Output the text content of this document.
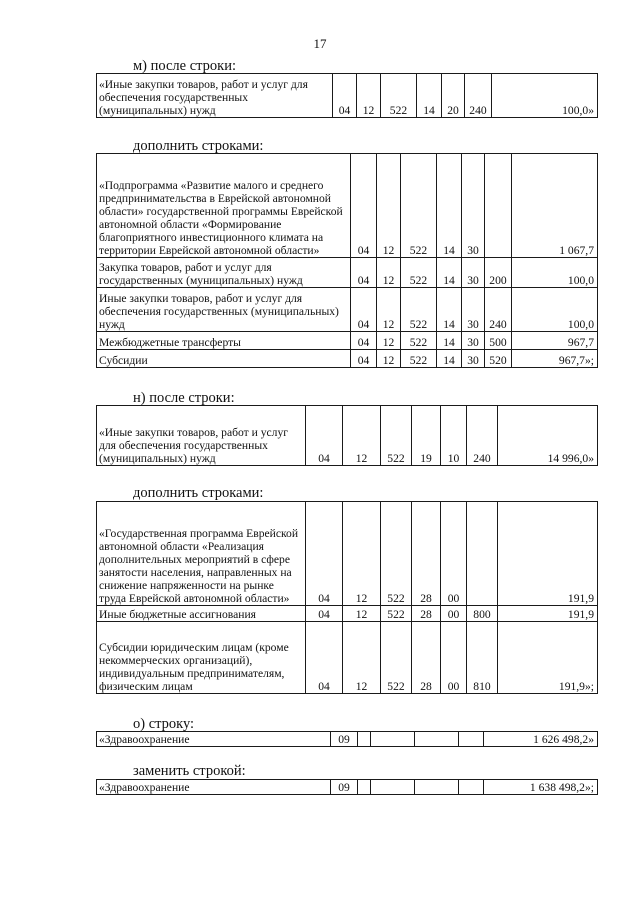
17
м) после строки:
«Иные закупки товаров, работ и услуг для обеспечения государственных (муниципальных) нужд	04	12	522	14	20	240	100,0»
дополнить строками:
«Подпрограмма «Развитие малого и среднего предпринимательства в Еврейской автономной области» государственной программы Еврейской автономной области «Формирование благоприятного инвестиционного климата на территории Еврейской автономной области»	04	12	522	14	30		1 067,7
Закупка товаров, работ и услуг для государственных (муниципальных) нужд	04	12	522	14	30	200	100,0
Иные закупки товаров, работ и услуг для обеспечения государственных (муниципальных) нужд	04	12	522	14	30	240	100,0
Межбюджетные трансферты	04	12	522	14	30	500	967,7
Субсидии	04	12	522	14	30	520	967,7»;
н) после строки:
«Иные закупки товаров, работ и услуг для обеспечения государственных (муниципальных) нужд	04	12	522	19	10	240	14 996,0»
дополнить строками:
«Государственная программа Еврейской автономной области «Реализация дополнительных мероприятий в сфере занятости населения, направленных на снижение напряженности на рынке труда Еврейской автономной области»	04	12	522	28	00		191,9
Иные бюджетные ассигнования	04	12	522	28	00	800	191,9
Субсидии юридическим лицам (кроме некоммерческих организаций), индивидуальным предпринимателям, физическим лицам	04	12	522	28	00	810	191,9»;
о) строку:
«Здравоохранение	09						1 626 498,2»
заменить строкой:
«Здравоохранение	09						1 638 498,2»;
